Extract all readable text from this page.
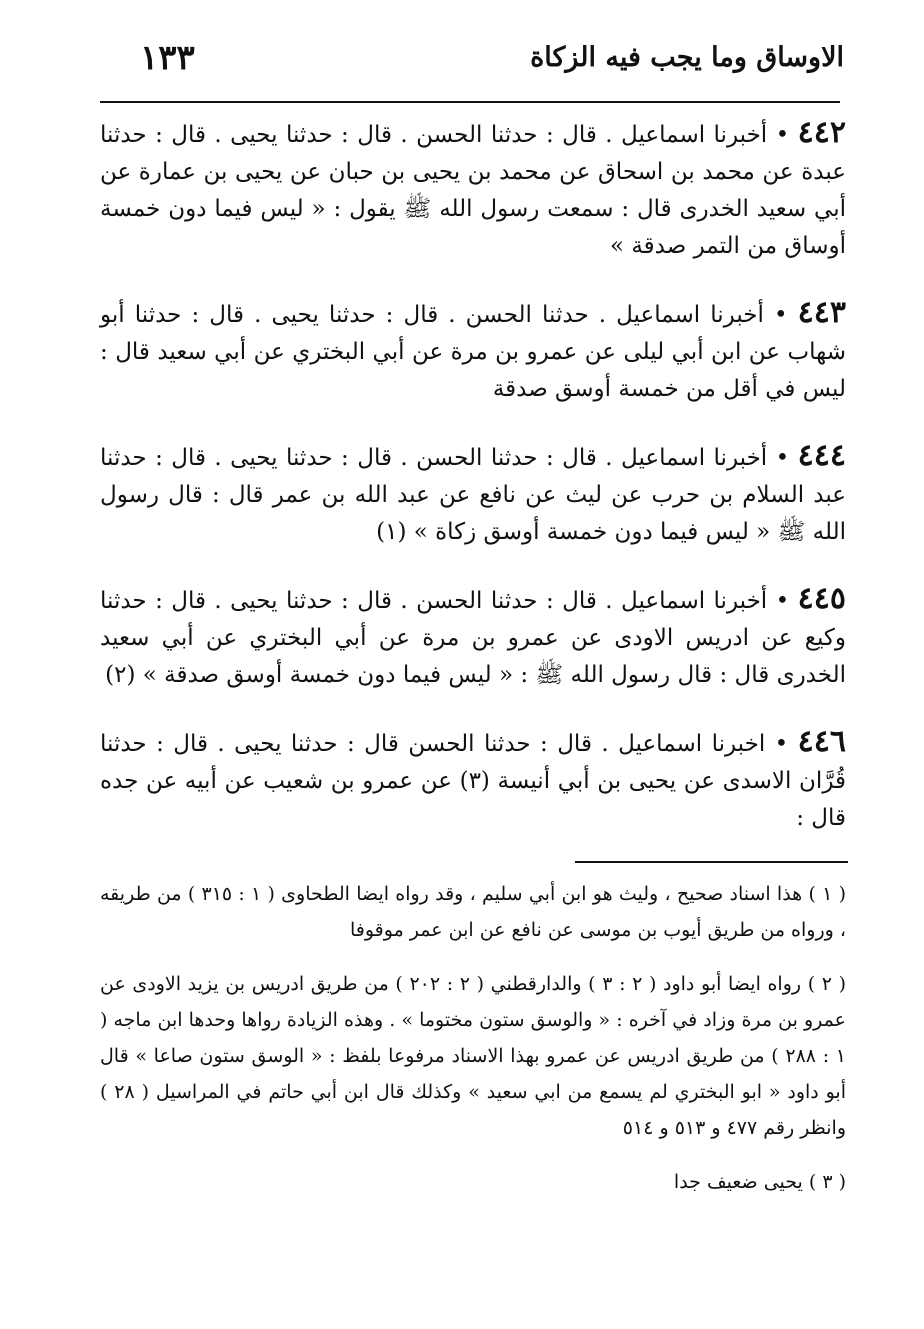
الاوساق وما يجب فيه الزكاة
١٣٣

٤٤٢ • أخبرنا اسماعيل . قال : حدثنا الحسن . قال : حدثنا يحيى . قال : حدثنا عبدة عن محمد بن اسحاق عن محمد بن يحيى بن حبان عن يحيى بن عمارة عن أبي سعيد الخدرى قال : سمعت رسول الله ﷺ يقول : « ليس فيما دون خمسة أوساق من التمر صدقة »

٤٤٣ • أخبرنا اسماعيل . حدثنا الحسن . قال : حدثنا يحيى . قال : حدثنا أبو شهاب عن ابن أبي ليلى عن عمرو بن مرة عن أبي البختري عن أبي سعيد قال : ليس في أقل من خمسة أوسق صدقة

٤٤٤ • أخبرنا اسماعيل . قال : حدثنا الحسن . قال : حدثنا يحيى . قال : حدثنا عبد السلام بن حرب عن ليث عن نافع عن عبد الله بن عمر قال : قال رسول الله ﷺ « ليس فيما دون خمسة أوسق زكاة » (١)

٤٤٥ • أخبرنا اسماعيل . قال : حدثنا الحسن . قال : حدثنا يحيى . قال : حدثنا وكيع عن ادريس الاودى عن عمرو بن مرة عن أبي البختري عن أبي سعيد الخدرى قال : قال رسول الله ﷺ : « ليس فيما دون خمسة أوسق صدقة » (٢)

٤٤٦ • اخبرنا اسماعيل . قال : حدثنا الحسن قال : حدثنا يحيى . قال : حدثنا قُرَّان الاسدى عن يحيى بن أبي أنيسة (٣) عن عمرو بن شعيب عن أبيه عن جده قال :

( ١ ) هذا اسناد صحيح ، وليث هو ابن أبي سليم ، وقد رواه ايضا الطحاوى ( ١ : ٣١٥ ) من طريقه ، ورواه من طريق أيوب بن موسى عن نافع عن ابن عمر موقوفا

( ٢ ) رواه ايضا أبو داود ( ٢ : ٣ ) والدارقطني ( ٢ : ٢٠٢ ) من طريق ادريس بن يزيد الاودى عن عمرو بن مرة وزاد في آخره : « والوسق ستون مختوما » . وهذه الزيادة رواها وحدها ابن ماجه ( ١ : ٢٨٨ ) من طريق ادريس عن عمرو بهذا الاسناد مرفوعا بلفظ : « الوسق ستون صاعا » قال أبو داود « ابو البختري لم يسمع من ابي سعيد » وكذلك قال ابن أبي حاتم في المراسيل ( ٢٨ ) وانظر رقم ٤٧٧ و ٥١٣ و ٥١٤

( ٣ ) يحيى ضعيف جدا
